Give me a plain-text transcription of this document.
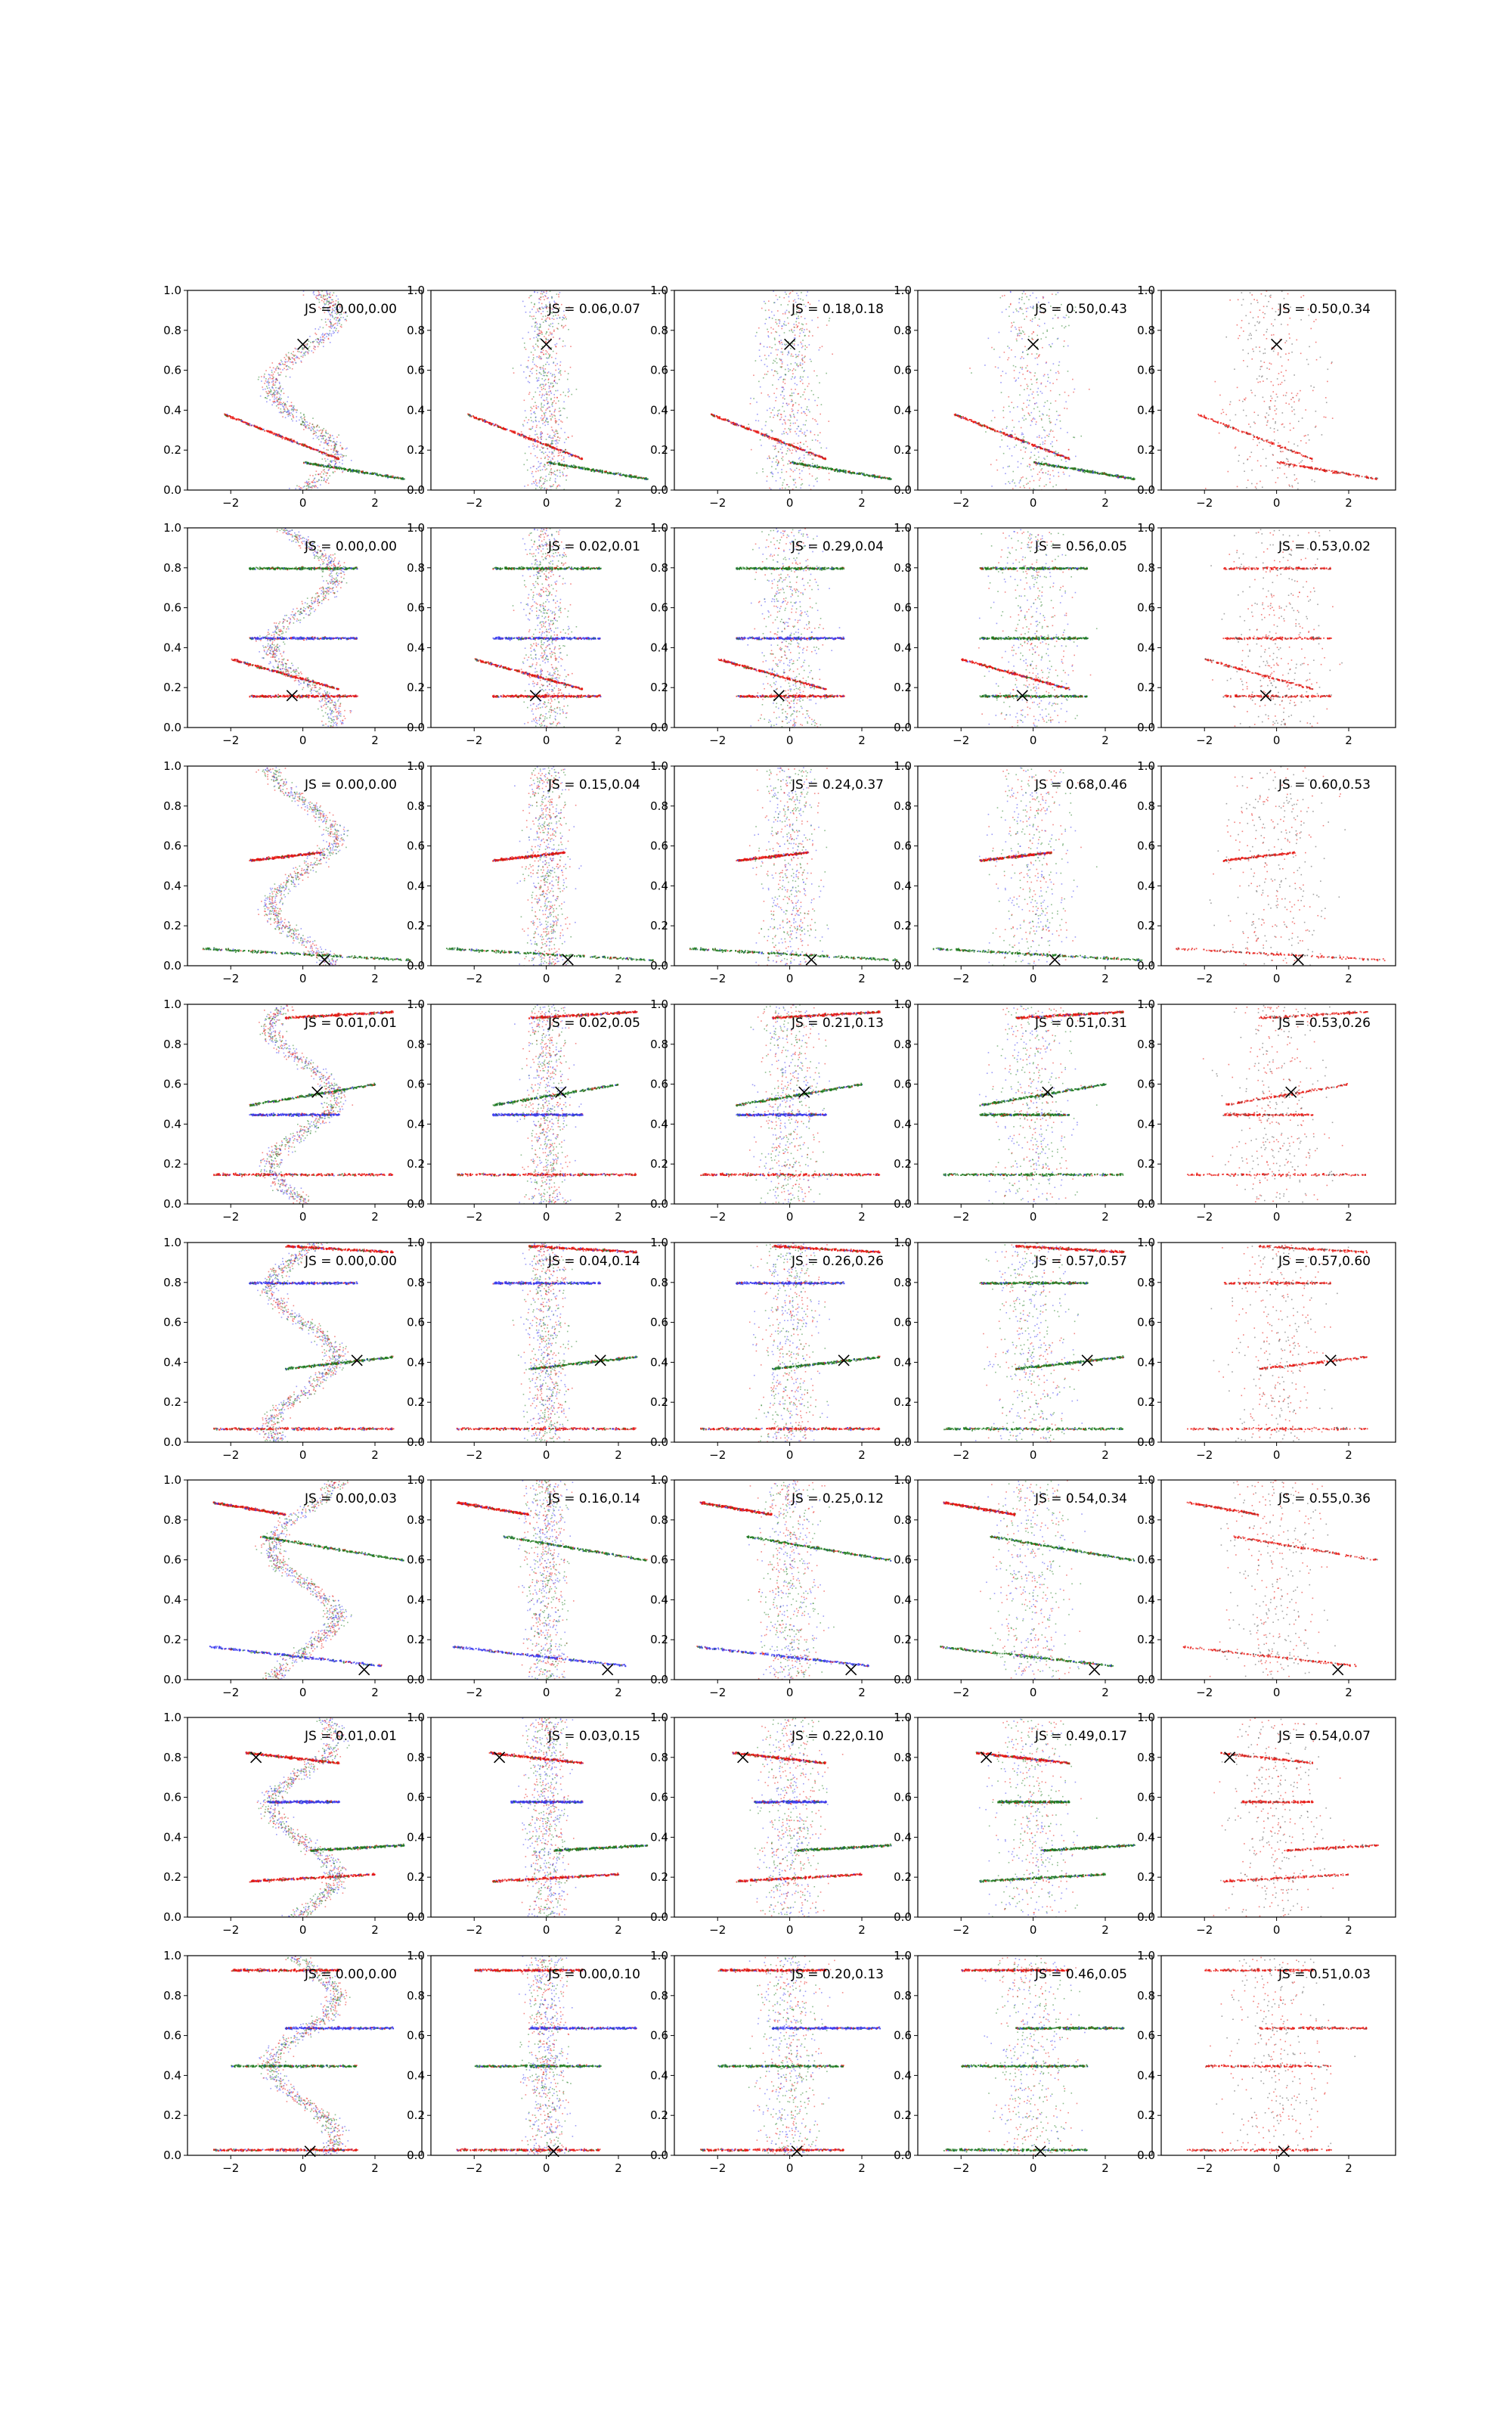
0.0
0.2
0.4
0.6
0.8
1.0
−2	0	2
JS = 0.00,0.00
0.0
0.2
0.4
0.6
0.8
1.0
−2	0	2
JS = 0.06,0.07
0.0
0.2
0.4
0.6
0.8
1.0
−2	0	2
JS = 0.18,0.18
0.0
0.2
0.4
0.6
0.8
1.0
−2	0	2
JS = 0.50,0.43
0.0
0.2
0.4
0.6
0.8
1.0
−2	0	2
JS = 0.50,0.34
0.0
0.2
0.4
0.6
0.8
1.0
−2	0	2
JS = 0.00,0.00
0.0
0.2
0.4
0.6
0.8
1.0
−2	0	2
JS = 0.02,0.01
0.0
0.2
0.4
0.6
0.8
1.0
−2	0	2
JS = 0.29,0.04
0.0
0.2
0.4
0.6
0.8
1.0
−2	0	2
JS = 0.56,0.05
0.0
0.2
0.4
0.6
0.8
1.0
−2	0	2
JS = 0.53,0.02
0.0
0.2
0.4
0.6
0.8
1.0
−2	0	2
JS = 0.00,0.00
0.0
0.2
0.4
0.6
0.8
1.0
−2	0	2
JS = 0.15,0.04
0.0
0.2
0.4
0.6
0.8
1.0
−2	0	2
JS = 0.24,0.37
0.0
0.2
0.4
0.6
0.8
1.0
−2	0	2
JS = 0.68,0.46
0.0
0.2
0.4
0.6
0.8
1.0
−2	0	2
JS = 0.60,0.53
0.0
0.2
0.4
0.6
0.8
1.0
−2	0	2
JS = 0.01,0.01
0.0
0.2
0.4
0.6
0.8
1.0
−2	0	2
JS = 0.02,0.05
0.0
0.2
0.4
0.6
0.8
1.0
−2	0	2
JS = 0.21,0.13
0.0
0.2
0.4
0.6
0.8
1.0
−2	0	2
JS = 0.51,0.31
0.0
0.2
0.4
0.6
0.8
1.0
−2	0	2
JS = 0.53,0.26
0.0
0.2
0.4
0.6
0.8
1.0
−2	0	2
JS = 0.00,0.00
0.0
0.2
0.4
0.6
0.8
1.0
−2	0	2
JS = 0.04,0.14
0.0
0.2
0.4
0.6
0.8
1.0
−2	0	2
JS = 0.26,0.26
0.0
0.2
0.4
0.6
0.8
1.0
−2	0	2
JS = 0.57,0.57
0.0
0.2
0.4
0.6
0.8
1.0
−2	0	2
JS = 0.57,0.60
0.0
0.2
0.4
0.6
0.8
1.0
−2	0	2
JS = 0.00,0.03
0.0
0.2
0.4
0.6
0.8
1.0
−2	0	2
JS = 0.16,0.14
0.0
0.2
0.4
0.6
0.8
1.0
−2	0	2
JS = 0.25,0.12
0.0
0.2
0.4
0.6
0.8
1.0
−2	0	2
JS = 0.54,0.34
0.0
0.2
0.4
0.6
0.8
1.0
−2	0	2
JS = 0.55,0.36
0.0
0.2
0.4
0.6
0.8
1.0
−2	0	2
JS = 0.01,0.01
0.0
0.2
0.4
0.6
0.8
1.0
−2	0	2
JS = 0.03,0.15
0.0
0.2
0.4
0.6
0.8
1.0
−2	0	2
JS = 0.22,0.10
0.0
0.2
0.4
0.6
0.8
1.0
−2	0	2
JS = 0.49,0.17
0.0
0.2
0.4
0.6
0.8
1.0
−2	0	2
JS = 0.54,0.07
0.0
0.2
0.4
0.6
0.8
1.0
−2	0	2
JS = 0.00,0.00
0.0
0.2
0.4
0.6
0.8
1.0
−2	0	2
JS = 0.00,0.10
0.0
0.2
0.4
0.6
0.8
1.0
−2	0	2
JS = 0.20,0.13
0.0
0.2
0.4
0.6
0.8
1.0
−2	0	2
JS = 0.46,0.05
0.0
0.2
0.4
0.6
0.8
1.0
−2	0	2
JS = 0.51,0.03
